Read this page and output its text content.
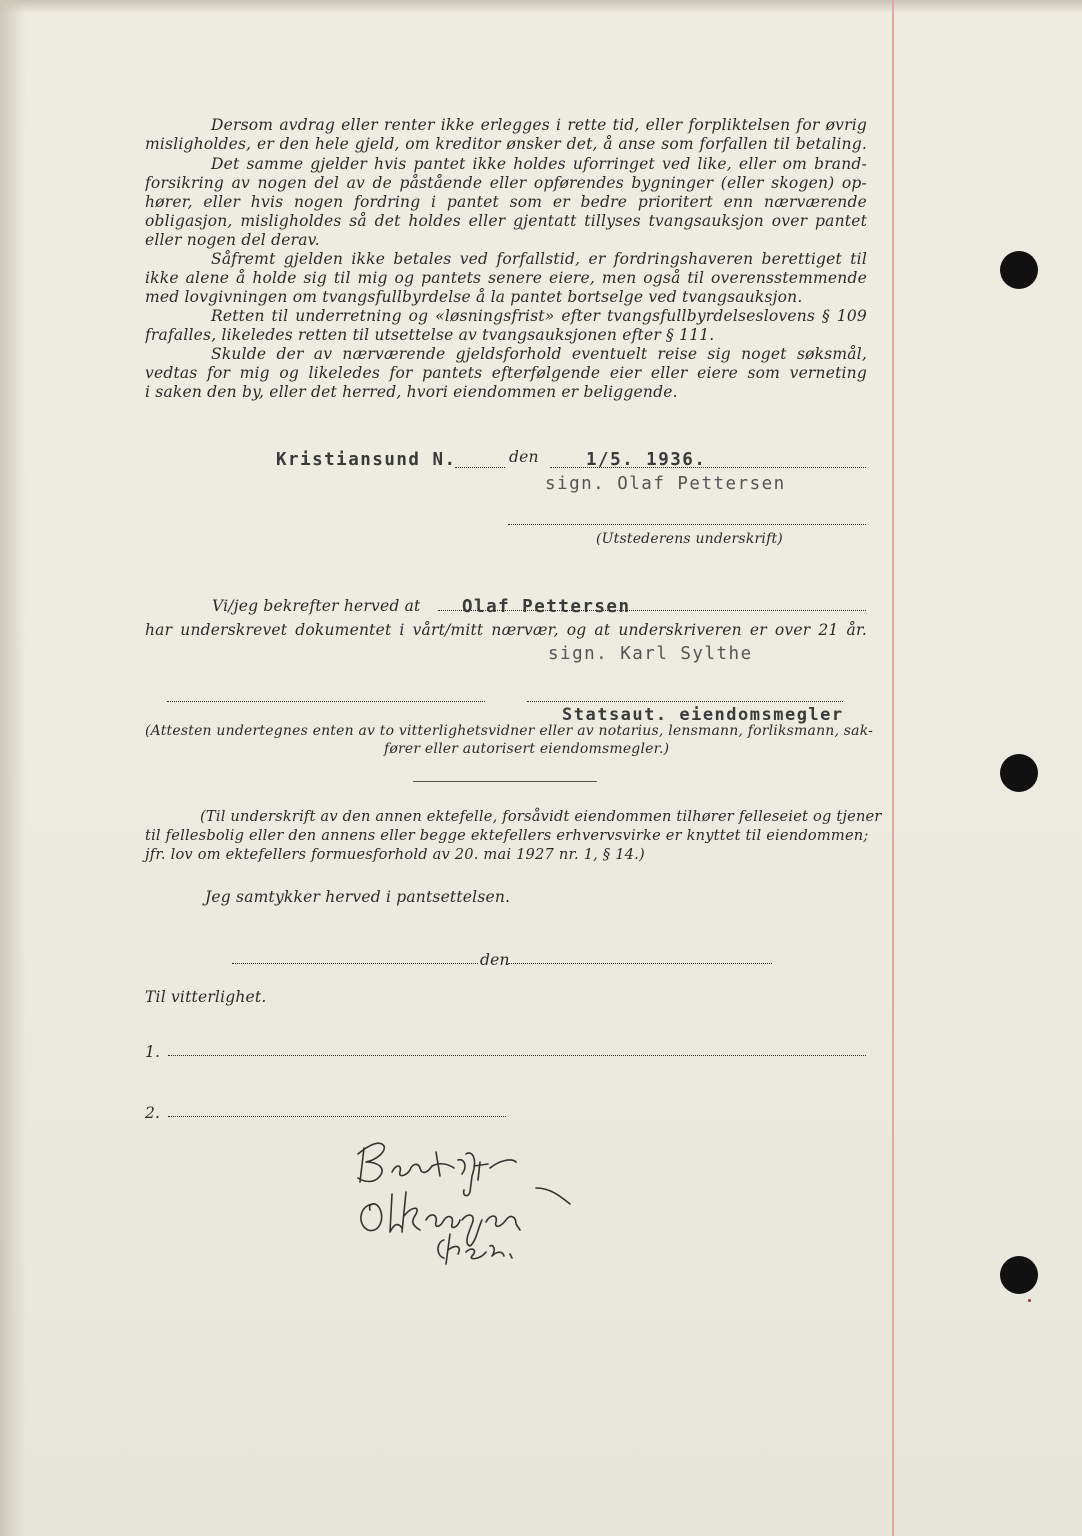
Dersom avdrag eller renter ikke erlegges i rette tid, eller forpliktelsen for øvrig
misligholdes, er den hele gjeld, om kreditor ønsker det, å anse som forfallen til betaling.
Det samme gjelder hvis pantet ikke holdes uforringet ved like, eller om brand-
forsikring av nogen del av de påstående eller opførendes bygninger (eller skogen) op-
hører, eller hvis nogen fordring i pantet som er bedre prioritert enn nærværende
obligasjon, misligholdes så det holdes eller gjentatt tillyses tvangsauksjon over pantet
eller nogen del derav.
Såfremt gjelden ikke betales ved forfallstid, er fordringshaveren berettiget til
ikke alene å holde sig til mig og pantets senere eiere, men også til overensstemmende
med lovgivningen om tvangsfullbyrdelse å la pantet bortselge ved tvangsauksjon.
Retten til underretning og «løsningsfrist» efter tvangsfullbyrdelseslovens § 109
frafalles, likeledes retten til utsettelse av tvangsauksjonen efter § 111.
Skulde der av nærværende gjeldsforhold eventuelt reise sig noget søksmål,
vedtas for mig og likeledes for pantets efterfølgende eier eller eiere som verneting
i saken den by, eller det herred, hvori eiendommen er beliggende.
Kristiansund N.	den	1/5. 1936.
sign. Olaf Pettersen
(Utstederens underskrift)
Vi/jeg bekrefter herved at Olaf Pettersen
har underskrevet dokumentet i vårt/mitt nærvær, og at underskriveren er over 21 år.
sign. Karl Sylthe
Statsaut. eiendomsmegler
(Attesten undertegnes enten av to vitterlighetsvidner eller av notarius, lensmann, forliksmann, sak-
fører eller autorisert eiendomsmegler.)
(Til underskrift av den annen ektefelle, forsåvidt eiendommen tilhører felleseiet og tjener
til fellesbolig eller den annens eller begge ektefellers erhvervsvirke er knyttet til eiendommen;
jfr. lov om ektefellers formuesforhold av 20. mai 1927 nr. 1, § 14.)
Jeg samtykker herved i pantsettelsen.
den
Til vitterlighet.
1.
2.
